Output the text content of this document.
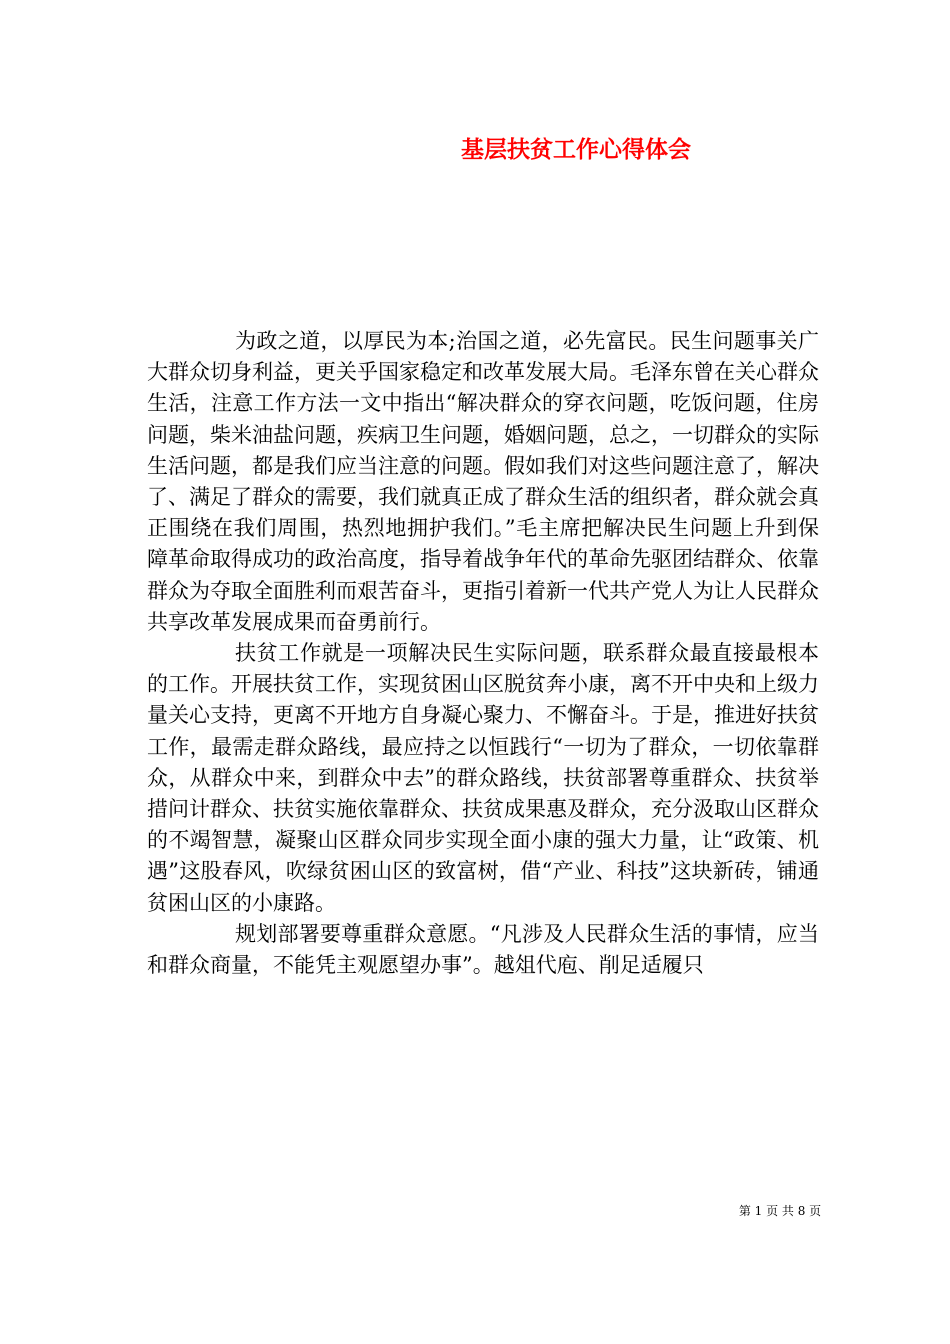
基层扶贫工作心得体会

为政之道，以厚民为本;治国之道，必先富民。民生问题事关广大群众切身利益，更关乎国家稳定和改革发展大局。毛泽东曾在关心群众生活，注意工作方法一文中指出“解决群众的穿衣问题，吃饭问题，住房问题，柴米油盐问题，疾病卫生问题，婚姻问题，总之，一切群众的实际生活问题，都是我们应当注意的问题。假如我们对这些问题注意了，解决了、满足了群众的需要，我们就真正成了群众生活的组织者，群众就会真正围绕在我们周围，热烈地拥护我们。”毛主席把解决民生问题上升到保障革命取得成功的政治高度，指导着战争年代的革命先驱团结群众、依靠群众为夺取全面胜利而艰苦奋斗，更指引着新一代共产党人为让人民群众共享改革发展成果而奋勇前行。

扶贫工作就是一项解决民生实际问题，联系群众最直接最根本的工作。开展扶贫工作，实现贫困山区脱贫奔小康，离不开中央和上级力量关心支持，更离不开地方自身凝心聚力、不懈奋斗。于是，推进好扶贫工作，最需走群众路线，最应持之以恒践行“一切为了群众，一切依靠群众，从群众中来，到群众中去”的群众路线，扶贫部署尊重群众、扶贫举措问计群众、扶贫实施依靠群众、扶贫成果惠及群众，充分汲取山区群众的不竭智慧，凝聚山区群众同步实现全面小康的强大力量，让“政策、机遇”这股春风，吹绿贫困山区的致富树，借“产业、科技”这块新砖，铺通贫困山区的小康路。

规划部署要尊重群众意愿。“凡涉及人民群众生活的事情，应当和群众商量，不能凭主观愿望办事”。越俎代庖、削足适履只

第 1 页 共 8 页
